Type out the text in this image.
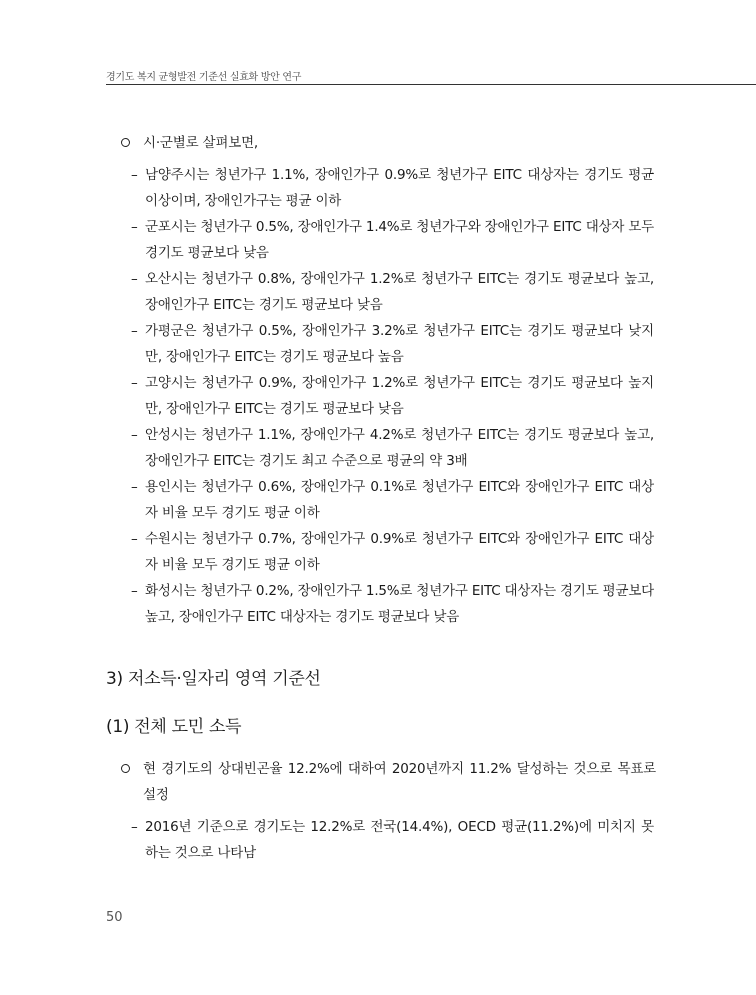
경기도 복지 균형발전 기준선 실효화 방안 연구
시·군별로 살펴보면,
– 남양주시는 청년가구 1.1%, 장애인가구 0.9%로 청년가구 EITC 대상자는 경기도 평균 이상이며, 장애인가구는 평균 이하
– 군포시는 청년가구 0.5%, 장애인가구 1.4%로 청년가구와 장애인가구 EITC 대상자 모두 경기도 평균보다 낮음
– 오산시는 청년가구 0.8%, 장애인가구 1.2%로 청년가구 EITC는 경기도 평균보다 높고, 장애인가구 EITC는 경기도 평균보다 낮음
– 가평군은 청년가구 0.5%, 장애인가구 3.2%로 청년가구 EITC는 경기도 평균보다 낮지만, 장애인가구 EITC는 경기도 평균보다 높음
– 고양시는 청년가구 0.9%, 장애인가구 1.2%로 청년가구 EITC는 경기도 평균보다 높지만, 장애인가구 EITC는 경기도 평균보다 낮음
– 안성시는 청년가구 1.1%, 장애인가구 4.2%로 청년가구 EITC는 경기도 평균보다 높고, 장애인가구 EITC는 경기도 최고 수준으로 평균의 약 3배
– 용인시는 청년가구 0.6%, 장애인가구 0.1%로 청년가구 EITC와 장애인가구 EITC 대상자 비율 모두 경기도 평균 이하
– 수원시는 청년가구 0.7%, 장애인가구 0.9%로 청년가구 EITC와 장애인가구 EITC 대상자 비율 모두 경기도 평균 이하
– 화성시는 청년가구 0.2%, 장애인가구 1.5%로 청년가구 EITC 대상자는 경기도 평균보다 높고, 장애인가구 EITC 대상자는 경기도 평균보다 낮음
3) 저소득·일자리 영역 기준선
(1) 전체 도민 소득
현 경기도의 상대빈곤율 12.2%에 대하여 2020년까지 11.2% 달성하는 것으로 목표로 설정
– 2016년 기준으로 경기도는 12.2%로 전국(14.4%), OECD 평균(11.2%)에 미치지 못하는 것으로 나타남
50
